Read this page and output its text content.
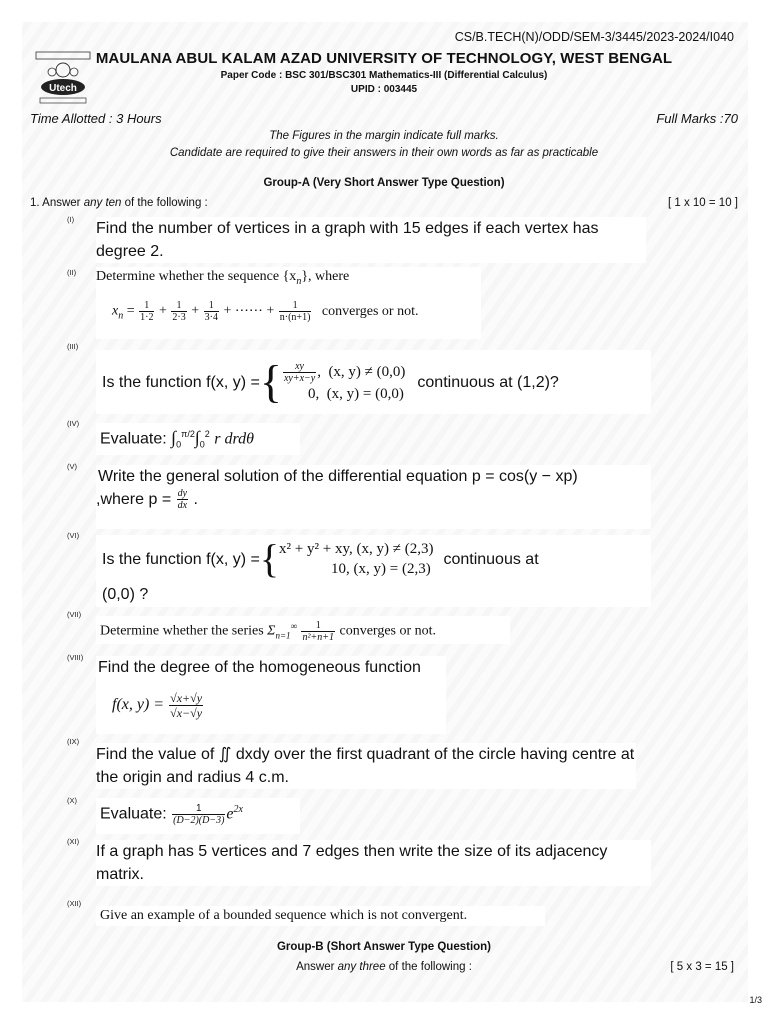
CS/B.TECH(N)/ODD/SEM-3/3445/2023-2024/I040
Utech
MAULANA ABUL KALAM AZAD UNIVERSITY OF TECHNOLOGY, WEST BENGAL
Paper Code : BSC 301/BSC301 Mathematics-III (Differential Calculus)
UPID : 003445
Time Allotted : 3 Hours	Full Marks :70
The Figures in the margin indicate full marks.
Candidate are required to give their answers in their own words as far as practicable
Group-A (Very Short Answer Type Question)
1. Answer any ten of the following :	[ 1 x 10 = 10 ]
(I)
Find the number of vertices in a graph with 15 edges if each vertex has degree 2.
(II) Determine whether the sequence $\{x_n\}$, where
$x_n = \frac{1}{1\cdot 2} + \frac{1}{2\cdot 3} + \frac{1}{3\cdot 4}$ + ⋯⋯ + $\frac{1}{n\cdot(n+1)}$ converges or not.
(III)
Is the function f(x, y) = { $\frac{xy}{xy+x-y}$ ,  (x, y) ≠ (0,0)
0, (x, y) = (0,0)
continuous at (1,2)?
(IV)
Evaluate: $\int_0^{\pi/2}\int_0^2$ r drdθ
(V)
Write the general solution of the differential equation p = cos(y − xp)
,where $p = \frac{dy}{dx}$ .
(VI)
Is the function f(x, y) = { x² + y² + xy, (x, y) ≠ (2,3)
10, (x, y) = (2,3)
continuous at
(0,0) ?
(VII)
Determine whether the series $\Sigma_{n=1}^\infty \frac{1}{\text{n²+n+1}}$ converges or not.
(VIII)
Find the degree of the homogeneous function
f(x, $y) = \frac{√x+√y}{√x-√y}$
(IX)
Find the value of ∬ dxdy over the first quadrant of the circle having centre at the origin and radius 4 c.m.
(X)
Evaluate: $\frac{1}{(D-2)(D-3)} e^{2x}$
(XI)
If a graph has 5 vertices and 7 edges then write the size of its adjacency matrix.
(XII)
Give an example of a bounded sequence which is not convergent.
Group-B (Short Answer Type Question)
Answer any three of the following :	[ 5 x 3 = 15 ]
1/3
